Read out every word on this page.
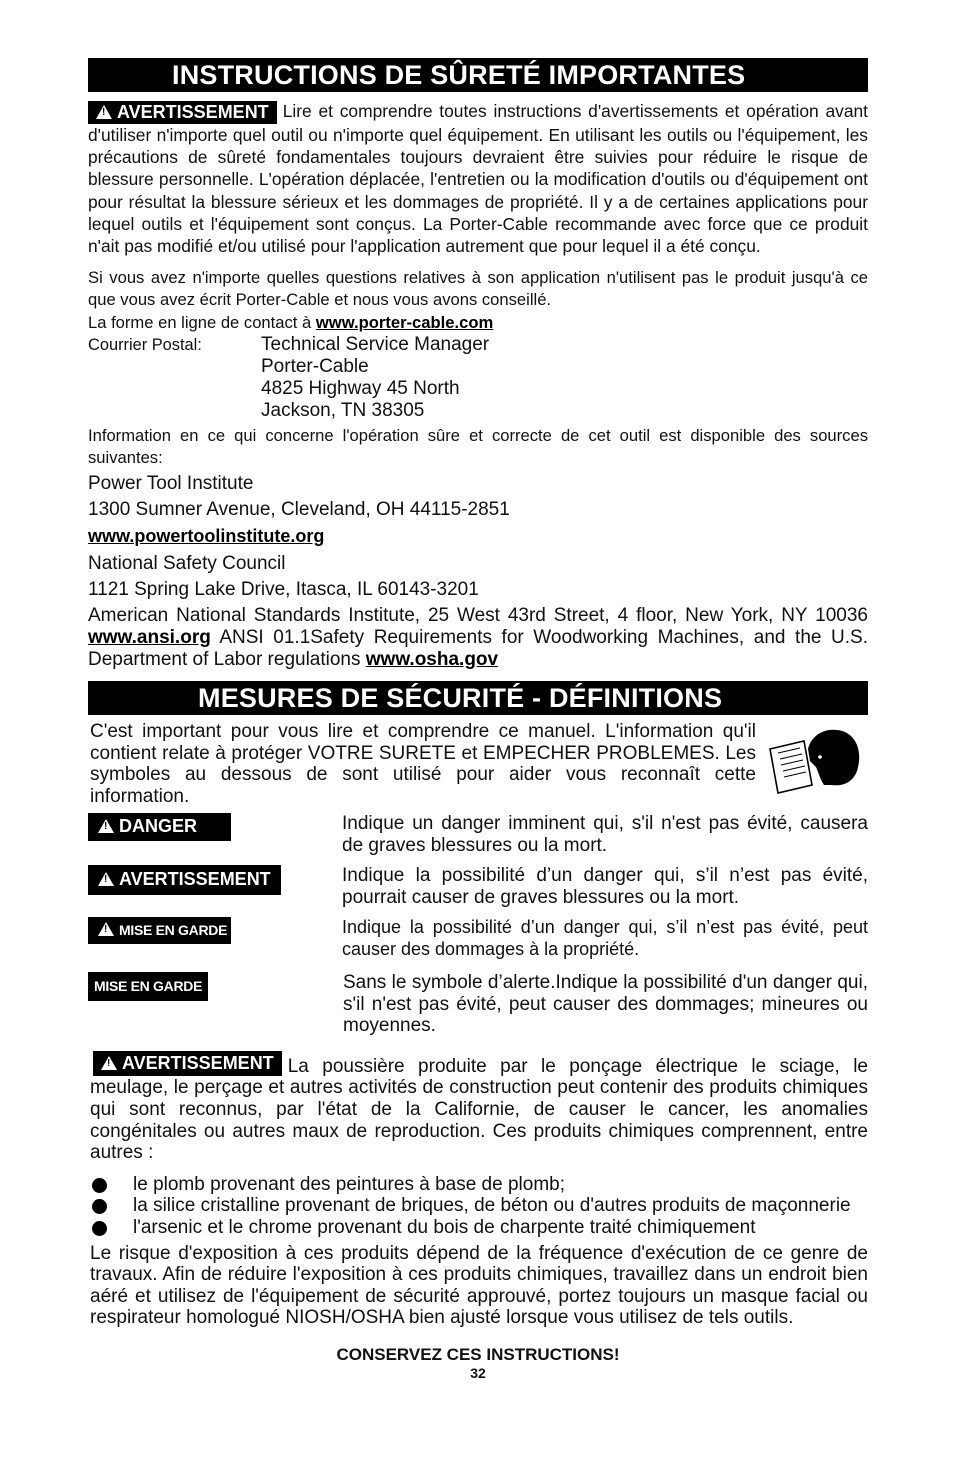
INSTRUCTIONS DE SÛRETÉ IMPORTANTES

!AVERTISSEMENT Lire et comprendre toutes instructions d'avertissements et opération avant d'utiliser n'importe quel outil ou n'importe quel équipement. En utilisant les outils ou l'équipement, les précautions de sûreté fondamentales toujours devraient être suivies pour réduire le risque de blessure personnelle. L'opération déplacée, l'entretien ou la modification d'outils ou d'équipement ont pour résultat la blessure sérieux et les dommages de propriété. Il y a de certaines applications pour lequel outils et l'équipement sont conçus. La Porter-Cable recommande avec force que ce produit n'ait pas modifié et/ou utilisé pour l'application autrement que pour lequel il a été conçu.

Si vous avez n'importe quelles questions relatives à son application n'utilisent pas le produit jusqu'à ce que vous avez écrit Porter-Cable et nous vous avons conseillé.

La forme en ligne de contact à www.porter-cable.com

Courrier Postal:	Technical Service Manager
Porter-Cable
4825 Highway 45 North
Jackson, TN 38305

Information en ce qui concerne l'opération sûre et correcte de cet outil est disponible des sources suivantes:

Power Tool Institute

1300 Sumner Avenue, Cleveland, OH 44115-2851

www.powertoolinstitute.org

National Safety Council

1121 Spring Lake Drive, Itasca, IL 60143-3201

American National Standards Institute, 25 West 43rd Street, 4 floor, New York, NY 10036 www.ansi.org ANSI 01.1Safety Requirements for Woodworking Machines, and the U.S. Department of Labor regulations www.osha.gov

MESURES DE SÉCURITÉ - DÉFINITIONS

C'est important pour vous lire et comprendre ce manuel. L'information qu'il contient relate à protéger VOTRE SURETE et EMPECHER PROBLEMES. Les symboles au dessous de sont utilisé pour aider vous reconnaît cette information.

!DANGER	Indique un danger imminent qui, s'il n'est pas évité, causera de graves blessures ou la mort.
!AVERTISSEMENT	Indique la possibilité d’un danger qui, s’il n’est pas évité, pourrait causer de graves blessures ou la mort.
!MISE EN GARDE	Indique la possibilité d’un danger qui, s’il n’est pas évité, peut causer des dommages à la propriété.
MISE EN GARDE	Sans le symbole d’alerte.Indique la possibilité d'un danger qui, s'il n'est pas évité, peut causer des dommages; mineures ou moyennes.

!AVERTISSEMENT La poussière produite par le ponçage électrique le sciage, le meulage, le perçage et autres activités de construction peut contenir des produits chimiques qui sont reconnus, par l'état de la Californie, de causer le cancer, les anomalies congénitales ou autres maux de reproduction. Ces produits chimiques comprennent, entre autres :

le plomb provenant des peintures à base de plomb;
la silice cristalline provenant de briques, de béton ou d'autres produits de maçonnerie
l'arsenic et le chrome provenant du bois de charpente traité chimiquement

Le risque d'exposition à ces produits dépend de la fréquence d'exécution de ce genre de travaux. Afin de réduire l'exposition à ces produits chimiques, travaillez dans un endroit bien aéré et utilisez de l'équipement de sécurité approuvé, portez toujours un masque facial ou respirateur homologué NIOSH/OSHA bien ajusté lorsque vous utilisez de tels outils.

CONSERVEZ CES INSTRUCTIONS!
32
